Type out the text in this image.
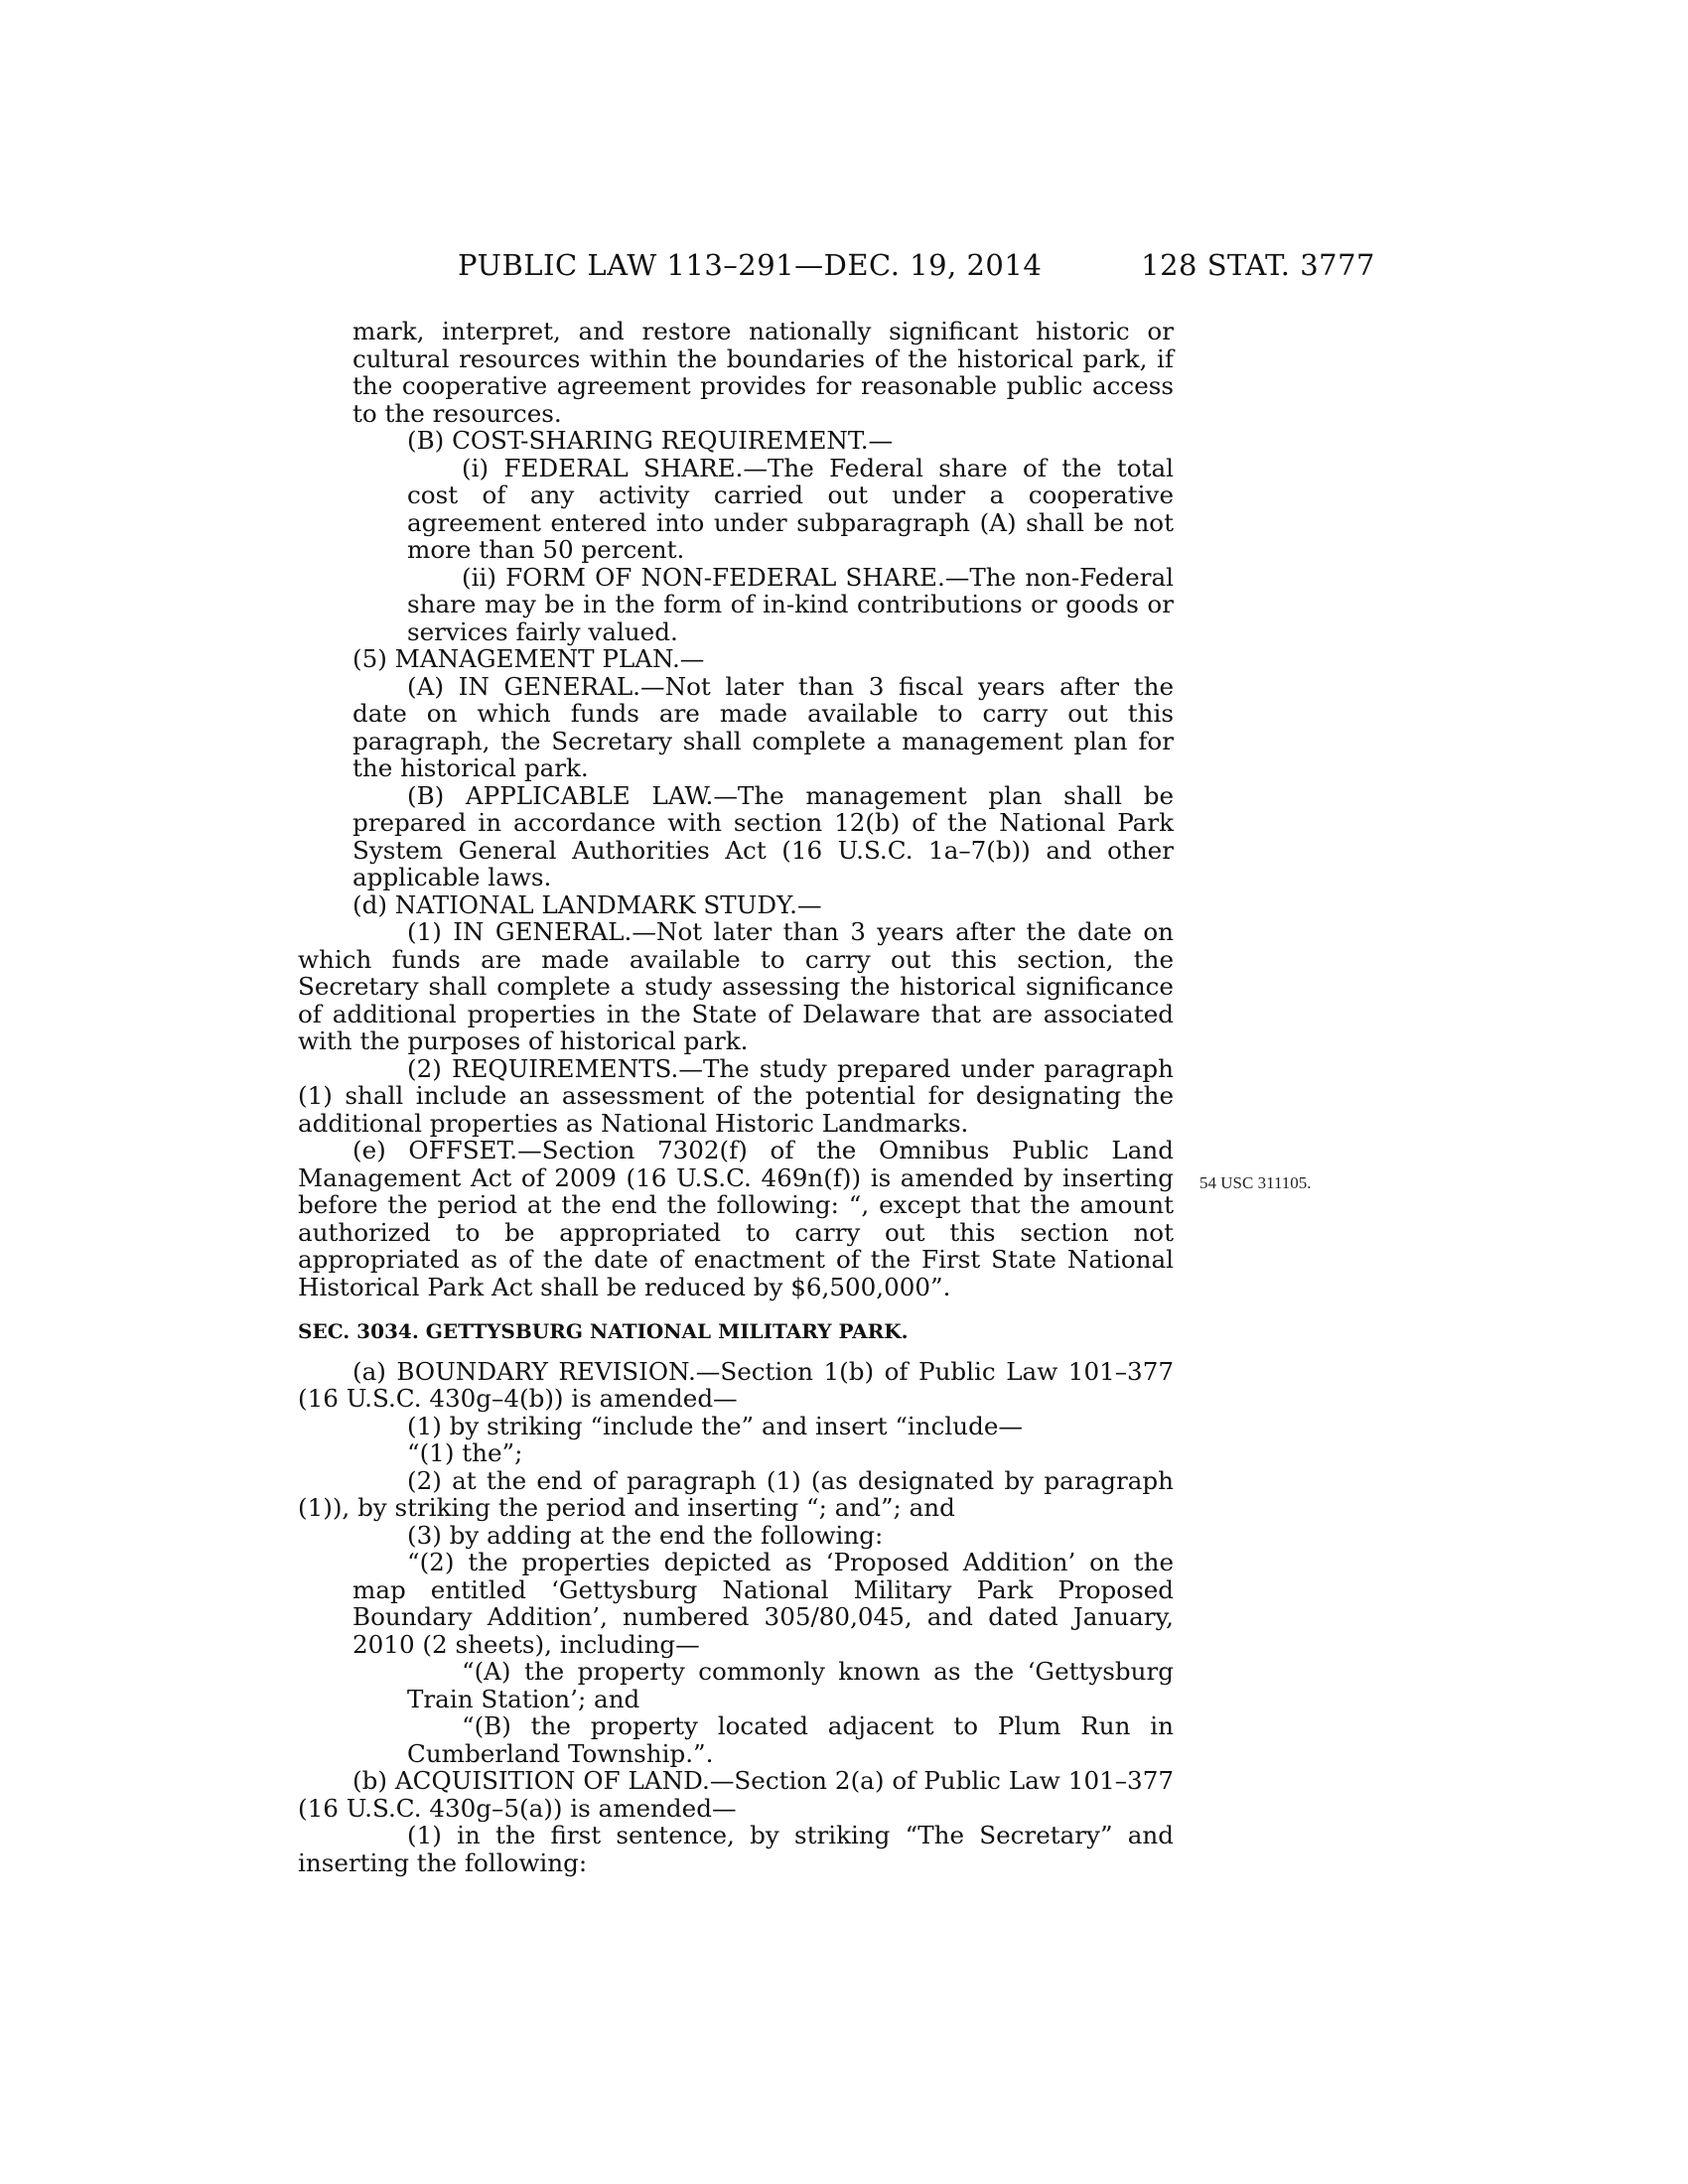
PUBLIC LAW 113–291—DEC. 19, 2014	128 STAT. 3777
54 USC 311105.

mark, interpret, and restore nationally significant historic or cultural resources within the boundaries of the historical park, if the cooperative agreement provides for reasonable public access to the resources.

(B) COST-SHARING REQUIREMENT.—

(i) FEDERAL SHARE.—The Federal share of the total cost of any activity carried out under a cooperative agreement entered into under subparagraph (A) shall be not more than 50 percent.

(ii) FORM OF NON-FEDERAL SHARE.—The non-Federal share may be in the form of in-kind contributions or goods or services fairly valued.

(5) MANAGEMENT PLAN.—

(A) IN GENERAL.—Not later than 3 fiscal years after the date on which funds are made available to carry out this paragraph, the Secretary shall complete a management plan for the historical park.

(B) APPLICABLE LAW.—The management plan shall be prepared in accordance with section 12(b) of the National Park System General Authorities Act (16 U.S.C. 1a–7(b)) and other applicable laws.

(d) NATIONAL LANDMARK STUDY.—

(1) IN GENERAL.—Not later than 3 years after the date on which funds are made available to carry out this section, the Secretary shall complete a study assessing the historical significance of additional properties in the State of Delaware that are associated with the purposes of historical park.

(2) REQUIREMENTS.—The study prepared under paragraph (1) shall include an assessment of the potential for designating the additional properties as National Historic Landmarks.

(e) OFFSET.—Section 7302(f) of the Omnibus Public Land Management Act of 2009 (16 U.S.C. 469n(f)) is amended by inserting before the period at the end the following: “, except that the amount authorized to be appropriated to carry out this section not appropriated as of the date of enactment of the First State National Historical Park Act shall be reduced by $6,500,000”.

SEC. 3034. GETTYSBURG NATIONAL MILITARY PARK.

(a) BOUNDARY REVISION.—Section 1(b) of Public Law 101–377 (16 U.S.C. 430g–4(b)) is amended—

(1) by striking “include the” and insert “include—

“(1) the”;

(2) at the end of paragraph (1) (as designated by paragraph (1)), by striking the period and inserting “; and”; and

(3) by adding at the end the following:

“(2) the properties depicted as ‘Proposed Addition’ on the map entitled ‘Gettysburg National Military Park Proposed Boundary Addition’, numbered 305/80,045, and dated January, 2010 (2 sheets), including—

“(A) the property commonly known as the ‘Gettysburg Train Station’; and

“(B) the property located adjacent to Plum Run in Cumberland Township.”.

(b) ACQUISITION OF LAND.—Section 2(a) of Public Law 101–377 (16 U.S.C. 430g–5(a)) is amended—

(1) in the first sentence, by striking “The Secretary” and inserting the following:
